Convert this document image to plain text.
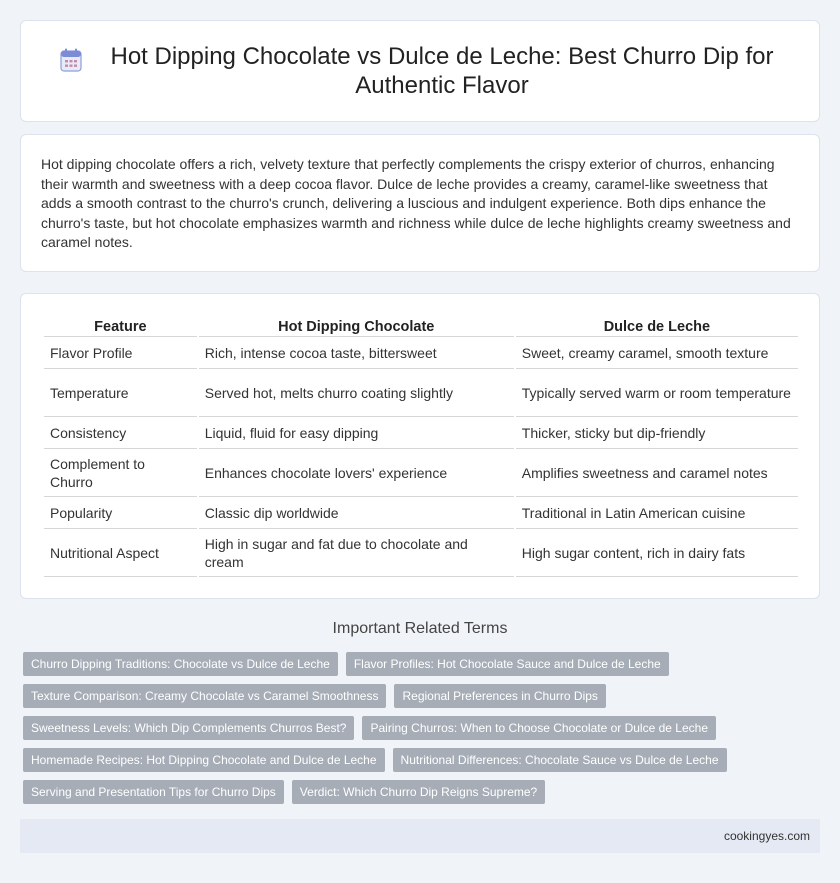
Hot Dipping Chocolate vs Dulce de Leche: Best Churro Dip for Authentic Flavor

Hot dipping chocolate offers a rich, velvety texture that perfectly complements the crispy exterior of churros, enhancing their warmth and sweetness with a deep cocoa flavor. Dulce de leche provides a creamy, caramel-like sweetness that adds a smooth contrast to the churro's crunch, delivering a luscious and indulgent experience. Both dips enhance the churro's taste, but hot chocolate emphasizes warmth and richness while dulce de leche highlights creamy sweetness and caramel notes.

Feature	Hot Dipping Chocolate	Dulce de Leche
Flavor Profile	Rich, intense cocoa taste, bittersweet	Sweet, creamy caramel, smooth texture
Temperature	Served hot, melts churro coating slightly	Typically served warm or room temperature
Consistency	Liquid, fluid for easy dipping	Thicker, sticky but dip-friendly
Complement to Churro	Enhances chocolate lovers' experience	Amplifies sweetness and caramel notes
Popularity	Classic dip worldwide	Traditional in Latin American cuisine
Nutritional Aspect	High in sugar and fat due to chocolate and cream	High sugar content, rich in dairy fats
Important Related Terms
Churro Dipping Traditions: Chocolate vs Dulce de Leche	Flavor Profiles: Hot Chocolate Sauce and Dulce de Leche
Texture Comparison: Creamy Chocolate vs Caramel Smoothness	Regional Preferences in Churro Dips
Sweetness Levels: Which Dip Complements Churros Best?	Pairing Churros: When to Choose Chocolate or Dulce de Leche
Homemade Recipes: Hot Dipping Chocolate and Dulce de Leche	Nutritional Differences: Chocolate Sauce vs Dulce de Leche
Serving and Presentation Tips for Churro Dips	Verdict: Which Churro Dip Reigns Supreme?
cookingyes.com
